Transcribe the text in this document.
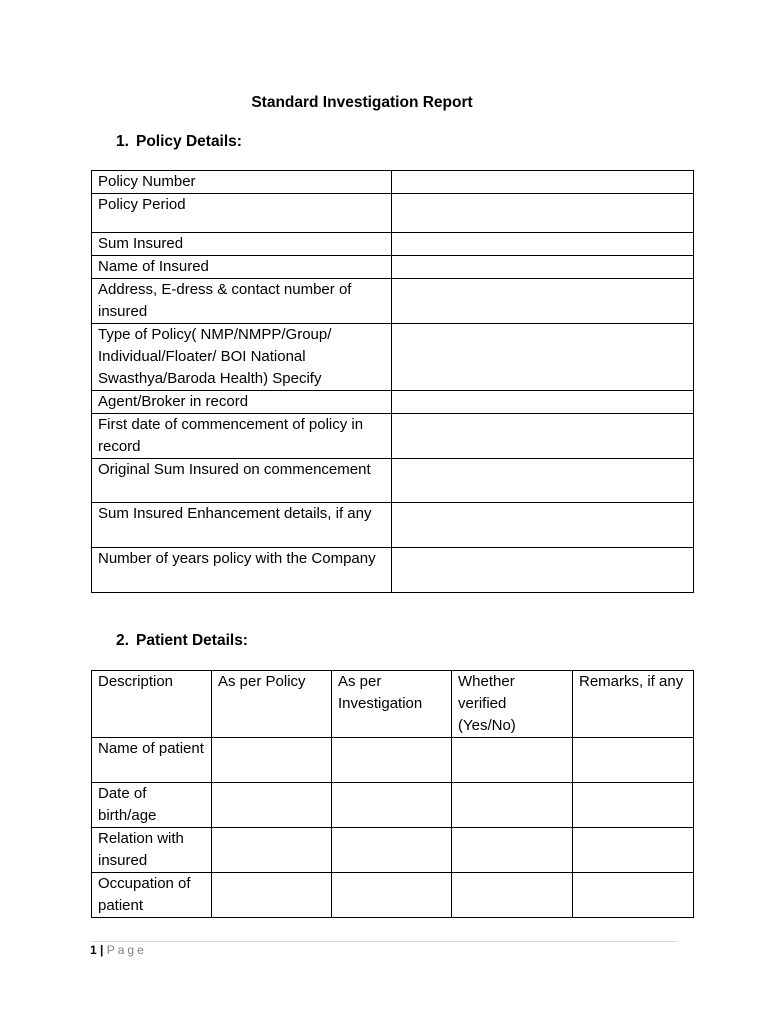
Standard Investigation Report
1. Policy Details:
Policy Number	
Policy Period	
Sum Insured	
Name of Insured	
Address, E-dress & contact number of insured	
Type of Policy( NMP/NMPP/Group/ Individual/Floater/ BOI National Swasthya/Baroda Health) Specify	
Agent/Broker in record	
First date of commencement of policy in record	
Original Sum Insured on commencement	
Sum Insured Enhancement details, if any	
Number of years policy with the Company	
2. Patient Details:
Description	As per Policy	As per Investigation	Whether verified (Yes/No)	Remarks, if any
Name of patient				
Date of birth/age				
Relation with insured				
Occupation of patient				
1 | Page
